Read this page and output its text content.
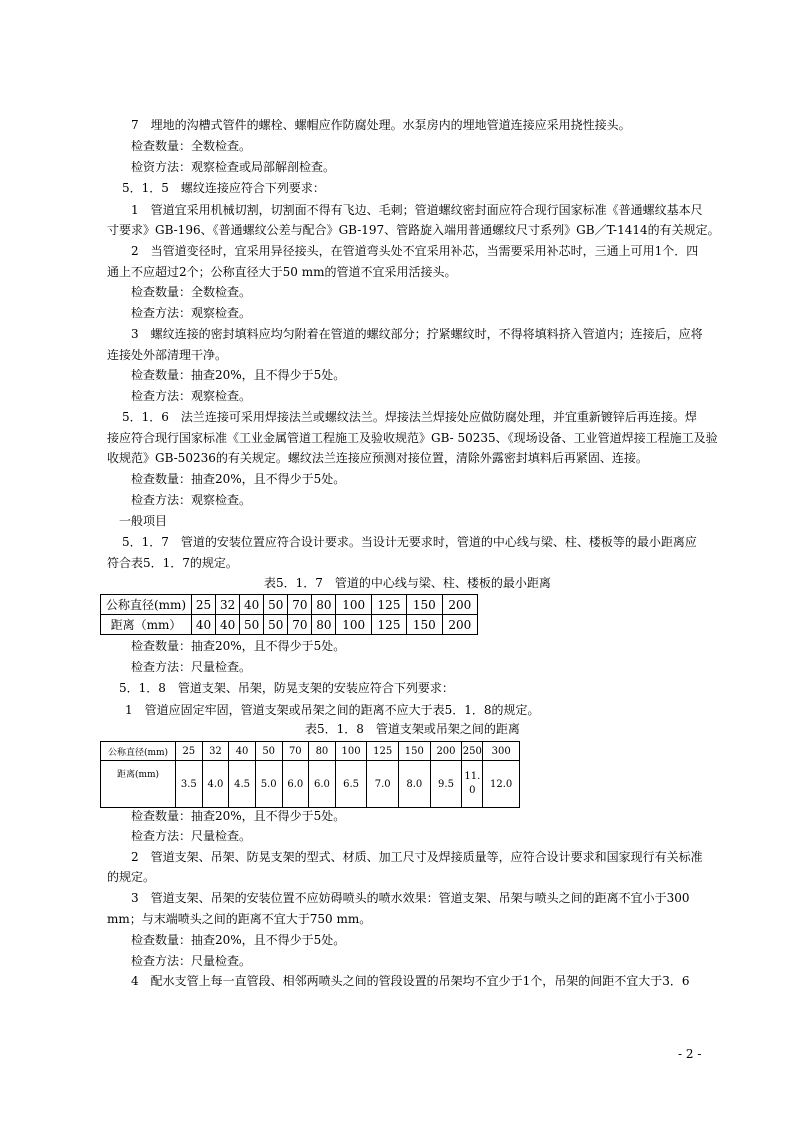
7　埋地的沟槽式管件的螺栓、螺帽应作防腐处理。水泵房内的埋地管道连接应采用挠性接头。
检查数量：全数检查。
检资方法：观察检查或局部解剖检查。
5．1．5　螺纹连接应符合下列要求：
1　管道宜采用机械切割，切割面不得有飞边、毛刺；管道螺纹密封面应符合现行国家标准《普通螺纹基本尺
寸要求》GB-196、《普通螺纹公差与配合》GB-197、管路旋入端用普通螺纹尺寸系列》GB／T-1414的有关规定。
2　当管道变径时，宜采用异径接头，在管道弯头处不宜采用补芯，当需要采用补芯时，三通上可用1个．四
通上不应超过2个；公称直径大于50 mm的管道不宜采用活接头。
检查数量：全数检查。
检查方法：观察检查。
3　螺纹连接的密封填料应均匀附着在管道的螺纹部分；拧紧螺纹时，不得将填料挤入管道内；连接后，应将
连接处外部清理干净。
检查数量：抽查20%，且不得少于5处。
检查方法：观察检查。
5．1．6　法兰连接可采用焊接法兰或螺纹法兰。焊接法兰焊接处应做防腐处理，并宜重新镀锌后再连接。焊
接应符合现行国家标准《工业金属管道工程施工及验收规范》GB- 50235、《现场设备、工业管道焊接工程施工及验
收规范》GB-50236的有关规定。螺纹法兰连接应预测对接位置，清除外露密封填料后再紧固、连接。
检查数量：抽查20%，且不得少于5处。
检查方法：观察检查。
一般项目
5．1．7　管道的安装位置应符合设计要求。当设计无要求时，管道的中心线与梁、柱、楼板等的最小距离应
符合表5．1．7的规定。
表5．1．7　管道的中心线与梁、柱、楼板的最小距离
公称直径(mm)	25	32	40	50	70	80	100	125	150	200
距离（mm）	40	40	50	50	70	80	100	125	150	200
检查数量：抽查20%，且不得少于5处。
检查方法：尺量检查。
5．1．8　管道支架、吊架，防晃支架的安装应符合下列要求：
1　管道应固定牢固，管道支架或吊架之间的距离不应大于表5．1．8的规定。
表5．1．8　管道支架或吊架之间的距离
公称直径(mm)	25	32	40	50	70	80	100	125	150	200	250	300
距离(mm)	3.5	4.0	4.5	5.0	6.0	6.0	6.5	7.0	8.0	9.5	11.0	12.0
检查数量：抽查20%，且不得少于5处。
检查方法：尺量检查。
2　管道支架、吊架、防晃支架的型式、材质、加工尺寸及焊接质量等，应符合设计要求和国家现行有关标准
的规定。
3　管道支架、吊架的安装位置不应妨碍喷头的喷水效果：管道支架、吊架与喷头之间的距离不宜小于300
mm；与末端喷头之间的距离不宜大于750 mm。
检查数量：抽查20%，且不得少于5处。
检查方法：尺量检查。
4　配水支管上每一直管段、相邻两喷头之间的管段设置的吊架均不宜少于1个，吊架的间距不宜大于3．6
- 2 -
